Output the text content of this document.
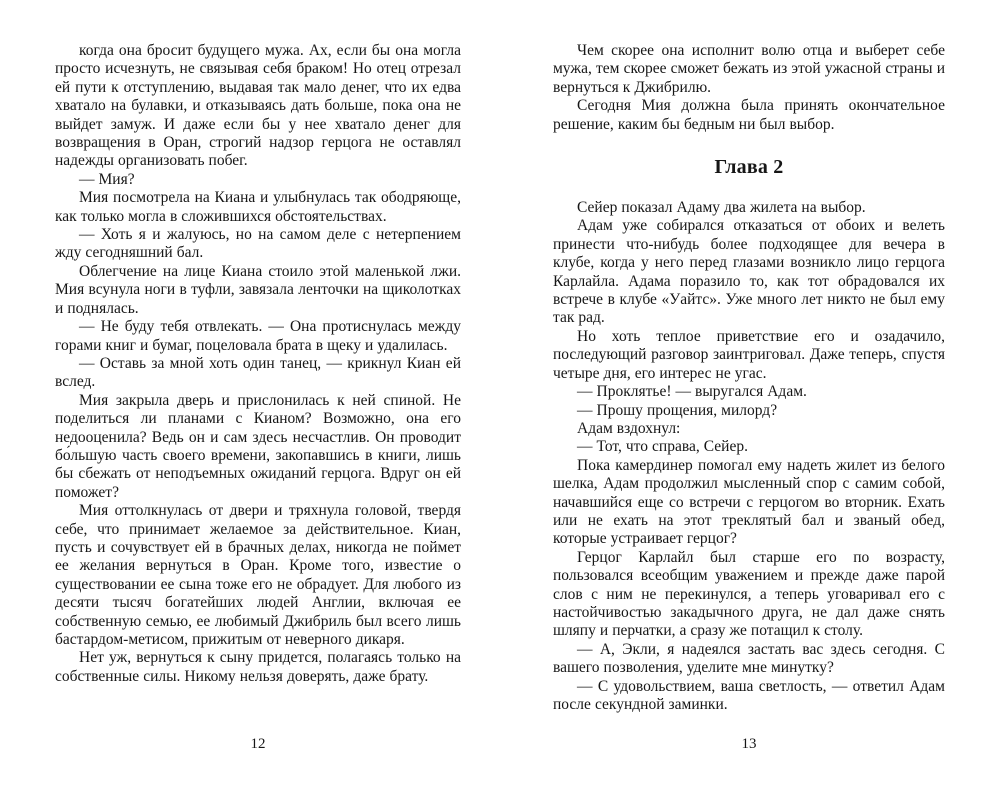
когда она бросит будущего мужа. Ах, если бы она могла просто исчезнуть, не связывая себя браком! Но отец отрезал ей пути к отступлению, выдавая так мало денег, что их едва хватало на булавки, и отказываясь дать больше, пока она не выйдет замуж. И даже если бы у нее хватало денег для возвращения в Оран, строгий надзор герцога не оставлял надежды организовать побег.

— Мия?

Мия посмотрела на Киана и улыбнулась так ободряюще, как только могла в сложившихся обстоятельствах.

— Хоть я и жалуюсь, но на самом деле с нетерпением жду сегодняшний бал.

Облегчение на лице Киана стоило этой маленькой лжи. Мия всунула ноги в туфли, завязала ленточки на щиколотках и поднялась.

— Не буду тебя отвлекать. — Она протиснулась между горами книг и бумаг, поцеловала брата в щеку и удалилась.

— Оставь за мной хоть один танец, — крикнул Киан ей вслед.

Мия закрыла дверь и прислонилась к ней спиной. Не поделиться ли планами с Кианом? Возможно, она его недооценила? Ведь он и сам здесь несчастлив. Он проводит бо́льшую часть своего времени, закопавшись в книги, лишь бы сбежать от неподъемных ожиданий герцога. Вдруг он ей поможет?

Мия оттолкнулась от двери и тряхнула головой, твердя себе, что принимает желаемое за действительное. Киан, пусть и сочувствует ей в брачных делах, никогда не поймет ее желания вернуться в Оран. Кроме того, известие о существовании ее сына тоже его не обрадует. Для любого из десяти тысяч богатейших людей Англии, включая ее собственную семью, ее любимый Джибриль был всего лишь бастардом-метисом, прижитым от неверного дикаря.

Нет уж, вернуться к сыну придется, полагаясь только на собственные силы. Никому нельзя доверять, даже брату.

Чем скорее она исполнит волю отца и выберет себе мужа, тем скорее сможет бежать из этой ужасной страны и вернуться к Джибрилю.

Сегодня Мия должна была принять окончательное решение, каким бы бедным ни был выбор.

Глава 2

Сейер показал Адаму два жилета на выбор.

Адам уже собирался отказаться от обоих и велеть принести что-нибудь более подходящее для вечера в клубе, когда у него перед глазами возникло лицо герцога Карлайла. Адама поразило то, как тот обрадовался их встрече в клубе «Уайтс». Уже много лет никто не был ему так рад.

Но хоть теплое приветствие его и озадачило, последующий разговор заинтриговал. Даже теперь, спустя четыре дня, его интерес не угас.

— Проклятье! — выругался Адам.

— Прошу прощения, милорд?

Адам вздохнул:

— Тот, что справа, Сейер.

Пока камердинер помогал ему надеть жилет из белого шелка, Адам продолжил мысленный спор с самим собой, начавшийся еще со встречи с герцогом во вторник. Ехать или не ехать на этот треклятый бал и званый обед, которые устраивает герцог?

Герцог Карлайл был старше его по возрасту, пользовался всеобщим уважением и прежде даже парой слов с ним не перекинулся, а теперь уговаривал его с настойчивостью закадычного друга, не дал даже снять шляпу и перчатки, а сразу же потащил к столу.

— А, Экли, я надеялся застать вас здесь сегодня. С вашего позволения, уделите мне минутку?

— С удовольствием, ваша светлость, — ответил Адам после секундной заминки.

12	13
